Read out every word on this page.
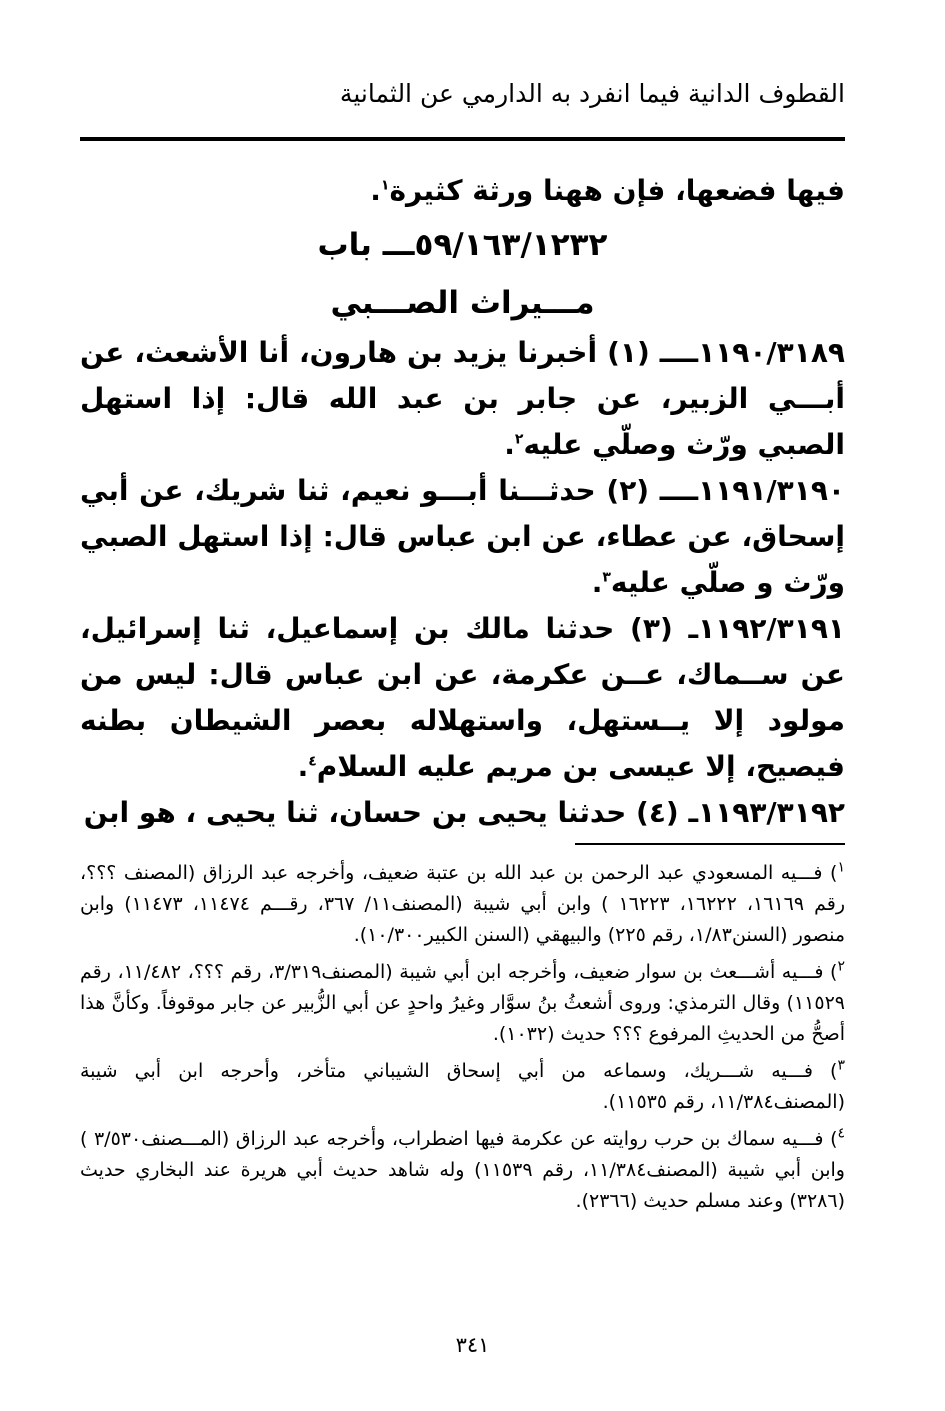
القطوف الدانية فيما انفرد به الدارمي عن الثمانية

فيها فضعها، فإن ههنا ورثة كثيرة$^١$.

٥٩/١٦٣/١٢٣٢ـــ باب
مـــيراث الصـــبي

١١٩٠/٣١٨٩ــــ (١) أخبرنا يزيد بن هارون، أنا الأشعث، عن أبـــي الزبير، عن جابر بن عبد الله قال: إذا استهل الصبي ورّث وصلّي عليه$^٢$.

١١٩١/٣١٩٠ــــ (٢) حدثـــنا أبـــو نعيم، ثنا شريك، عن أبي إسحاق، عن عطاء، عن ابن عباس قال: إذا استهل الصبي ورّث و صلّي عليه$^٣$.

١١٩٢/٣١٩١ـ (٣) حدثنا مالك بن إسماعيل، ثنا إسرائيل، عن ســماك، عــن عكرمة، عن ابن عباس قال: ليس من مولود إلا يــستهل، واستهلاله بعصر الشيطان بطنه فيصيح، إلا عيسى بن مريم عليه السلام$^٤$.

١١٩٣/٣١٩٢ـ (٤) حدثنا يحيى بن حسان، ثنا يحيى ، هو ابن

$^١$) فـــيه المسعودي عبد الرحمن بن عبد الله بن عتبة ضعيف، وأخرجه عبد الرزاق (المصنف ؟؟؟، رقم ١٦١٦٩، ١٦٢٢٢، ١٦٢٢٣ ) وابن أبي شيبة (المصنف١١/ ٣٦٧، رقـــم ١١٤٧٤، ١١٤٧٣) وابن منصور (السنن١/٨٣، رقم ٢٢٥) والبيهقي (السنن الكبير١٠/٣٠٠).

$^٢$) فـــيه أشـــعث بن سوار ضعيف، وأخرجه ابن أبي شيبة (المصنف٣/٣١٩، رقم ؟؟؟، ١١/٤٨٢، رقم ١١٥٢٩) وقال الترمذي: وروى أشعثُ بنُ سوَّار وغيرُ واحدٍ عن أبي الزُّبير عن جابر موقوفاً. وكأنَّ هذا أصحُّ من الحديثِ المرفوع ؟؟؟ حديث (١٠٣٢).

$^٣$) فـــيه شـــريك، وسماعه من أبي إسحاق الشيباني متأخر، وأحرجه ابن أبي شيبة (المصنف١١/٣٨٤، رقم ١١٥٣٥).

$^٤$) فـــيه سماك بن حرب روايته عن عكرمة فيها اضطراب، وأخرجه عبد الرزاق (المـــصنف٣/٥٣٠ ) وابن أبي شيبة (المصنف١١/٣٨٤، رقم ١١٥٣٩) وله شاهد حديث أبي هريرة عند البخاري حديث (٣٢٨٦) وعند مسلم حديث (٢٣٦٦).

٣٤١
